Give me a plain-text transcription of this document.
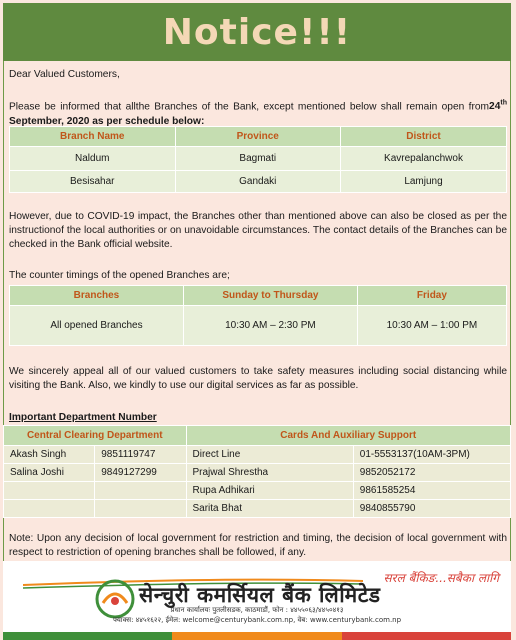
Notice!!!
Dear Valued Customers,
Please be informed that allthe Branches of the Bank, except mentioned below shall remain open from24th September, 2020 as per schedule below:
Branch Name	Province	District
Naldum	Bagmati	Kavrepalanchwok
Besisahar	Gandaki	Lamjung
However, due to COVID-19 impact, the Branches other than mentioned above can also be closed as per the instructionof the local authorities or on unavoidable circumstances. The contact details of the Branches can be checked in the Bank official website.
The counter timings of the opened Branches are;
Branches	Sunday to Thursday	Friday
All opened Branches	10:30 AM – 2:30 PM	10:30 AM – 1:00 PM
We sincerely appeal all of our valued customers to take safety measures including social distancing while visiting the Bank. Also, we kindly to use our digital services as far as possible.
Important Department Number
Central Clearing Department		Cards And Auxiliary Support	
Akash Singh	9851119747	Direct Line	01-5553137(10AM-3PM)
Salina Joshi	9849127299	Prajwal Shrestha	9852052172
		Rupa Adhikari	9861585254
		Sarita Bhat	9840855790
Note: Upon any decision of local government for restriction and timing, the decision of local government with respect to restriction of opening branches shall be followed, if any.
सरल बैंकिङ...सबैका लागि
सेन्चुरी कमर्सियल बैंक लिमिटेड
प्रधान कार्यालयः पुतलीसडक, काठमाडौं, फोन : ४४५५०६३/४४५०४१३
फ्याक्स: ४४५१६२२, ईमेल: welcome@centurybank.com.np, वेब: www.centurybank.com.np
